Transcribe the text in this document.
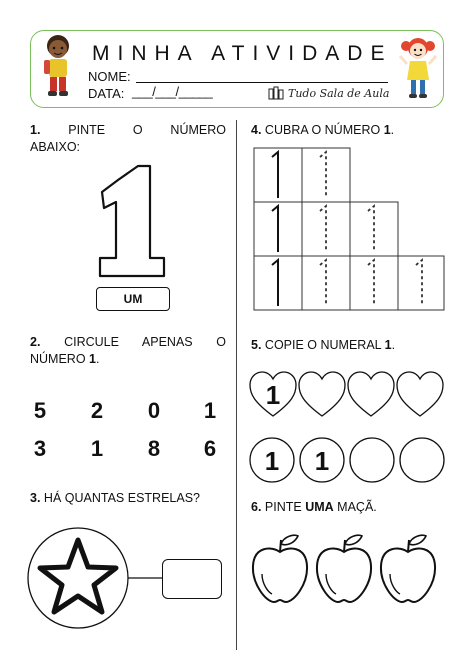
MINHA ATIVIDADE
NOME:
DATA: ___/___/_____	Tudo Sala de Aula
1. PINTE O NÚMERO
ABAIXO:
UM
2. CIRCULE APENAS O
NÚMERO 1.
5	2	0	1
3	1	8	6
3. HÁ QUANTAS ESTRELAS?
4. CUBRA O NÚMERO 1.
5. COPIE O NUMERAL 1.
1
1 1
6. PINTE UMA MAÇÃ.
